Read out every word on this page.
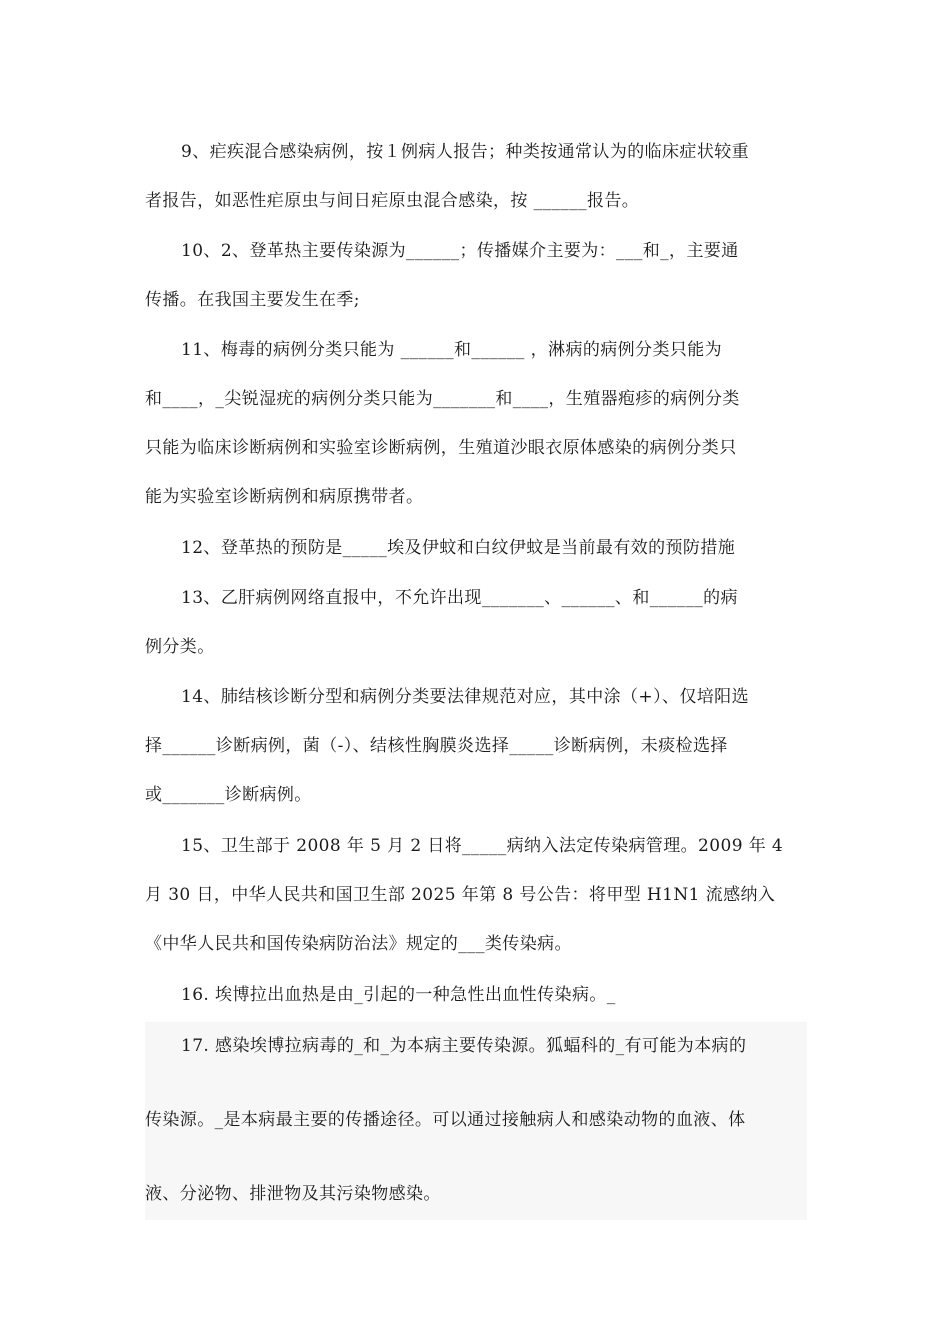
9、疟疾混合感染病例，按１例病人报告；种类按通常认为的临床症状较重
者报告，如恶性疟原虫与间日疟原虫混合感染，按 ______报告。
10、2、登革热主要传染源为______；传播媒介主要为：___和_，主要通
传播。在我国主要发生在季;
11、梅毒的病例分类只能为 ______和______ ，淋病的病例分类只能为
和____，_尖锐湿疣的病例分类只能为_______和____，生殖器疱疹的病例分类
只能为临床诊断病例和实验室诊断病例，生殖道沙眼衣原体感染的病例分类只
能为实验室诊断病例和病原携带者。
12、登革热的预防是_____埃及伊蚊和白纹伊蚊是当前最有效的预防措施
13、乙肝病例网络直报中，不允许出现_______、______、和______的病
例分类。
14、肺结核诊断分型和病例分类要法律规范对应，其中涂（+）、仅培阳选
择______诊断病例，菌（-）、结核性胸膜炎选择_____诊断病例，未痰检选择
或_______诊断病例。
15、卫生部于 2008 年 5 月 2 日将_____病纳入法定传染病管理。2009 年 4
月 30 日，中华人民共和国卫生部 2025 年第 8 号公告：将甲型 H1N1 流感纳入
《中华人民共和国传染病防治法》规定的___类传染病。
16. 埃博拉出血热是由_引起的一种急性出血性传染病。_
17. 感染埃博拉病毒的_和_为本病主要传染源。狐蝠科的_有可能为本病的
传染源。_是本病最主要的传播途径。可以通过接触病人和感染动物的血液、体
液、分泌物、排泄物及其污染物感染。
